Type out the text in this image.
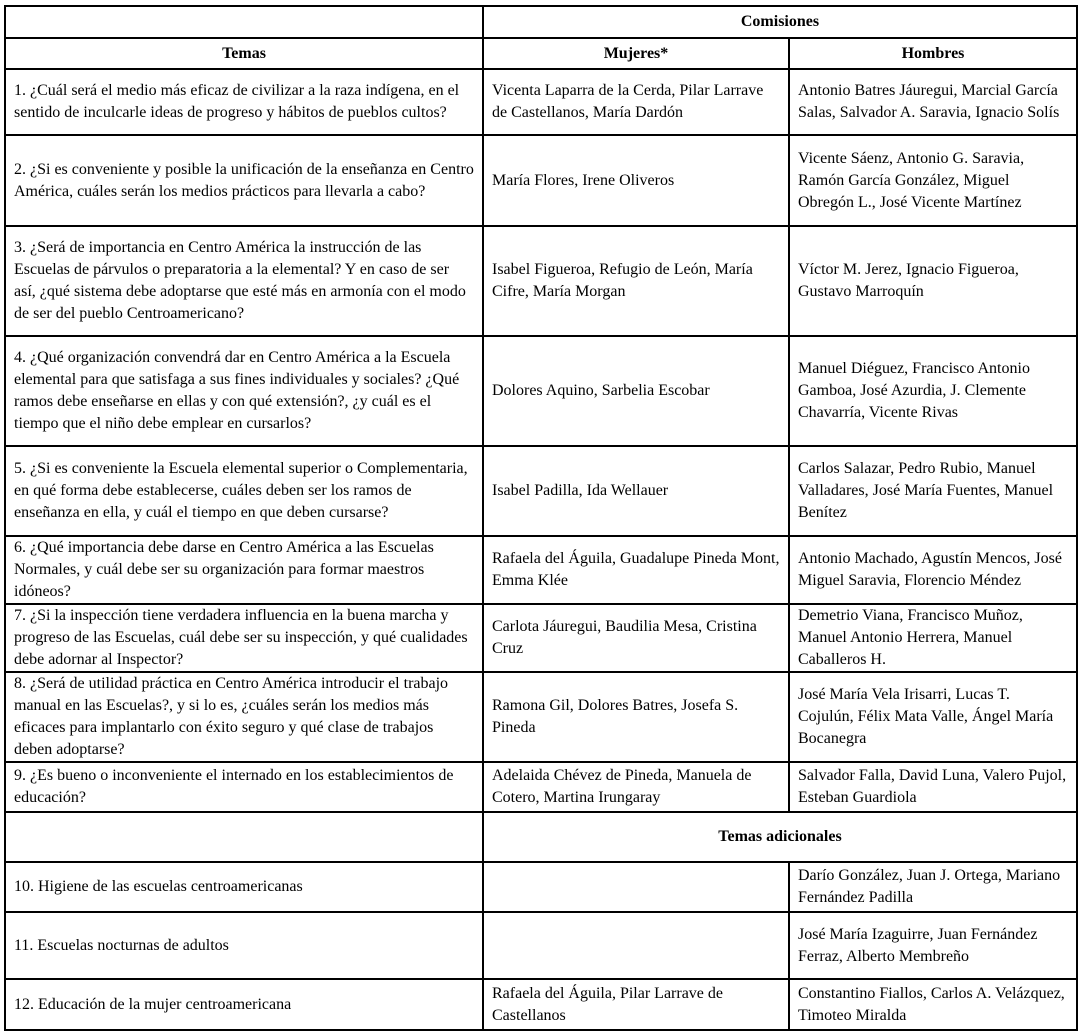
	Comisiones	
Temas	Mujeres*	Hombres
1. ¿Cuál será el medio más eficaz de civilizar a la raza indígena, en el sentido de inculcarle ideas de progreso y hábitos de pueblos cultos?	Vicenta Laparra de la Cerda, Pilar Larrave de Castellanos, María Dardón	Antonio Batres Jáuregui, Marcial García Salas, Salvador A. Saravia, Ignacio Solís
2. ¿Si es conveniente y posible la unificación de la enseñanza en Centro América, cuáles serán los medios prácticos para llevarla a cabo?	María Flores, Irene Oliveros	Vicente Sáenz, Antonio G. Saravia, Ramón García González, Miguel Obregón L., José Vicente Martínez
3. ¿Será de importancia en Centro América la instrucción de las Escuelas de párvulos o preparatoria a la elemental? Y en caso de ser así, ¿qué sistema debe adoptarse que esté más en armonía con el modo de ser del pueblo Centroamericano?	Isabel Figueroa, Refugio de León, María Cifre, María Morgan	Víctor M. Jerez, Ignacio Figueroa, Gustavo Marroquín
4. ¿Qué organización convendrá dar en Centro América a la Escuela elemental para que satisfaga a sus fines individuales y sociales? ¿Qué ramos debe enseñarse en ellas y con qué extensión?, ¿y cuál es el tiempo que el niño debe emplear en cursarlos?	Dolores Aquino, Sarbelia Escobar	Manuel Diéguez, Francisco Antonio Gamboa, José Azurdia, J. Clemente Chavarría, Vicente Rivas
5. ¿Si es conveniente la Escuela elemental superior o Complementaria, en qué forma debe establecerse, cuáles deben ser los ramos de enseñanza en ella, y cuál el tiempo en que deben cursarse?	Isabel Padilla, Ida Wellauer	Carlos Salazar, Pedro Rubio, Manuel Valladares, José María Fuentes, Manuel Benítez
6. ¿Qué importancia debe darse en Centro América a las Escuelas Normales, y cuál debe ser su organización para formar maestros idóneos?	Rafaela del Águila, Guadalupe Pineda Mont, Emma Klée	Antonio Machado, Agustín Mencos, José Miguel Saravia, Florencio Méndez
7. ¿Si la inspección tiene verdadera influencia en la buena marcha y progreso de las Escuelas, cuál debe ser su inspección, y qué cualidades debe adornar al Inspector?	Carlota Jáuregui, Baudilia Mesa, Cristina Cruz	Demetrio Viana, Francisco Muñoz, Manuel Antonio Herrera, Manuel Caballeros H.
8. ¿Será de utilidad práctica en Centro América introducir el trabajo manual en las Escuelas?, y si lo es, ¿cuáles serán los medios más eficaces para implantarlo con éxito seguro y qué clase de trabajos deben adoptarse?	Ramona Gil, Dolores Batres, Josefa S. Pineda	José María Vela Irisarri, Lucas T. Cojulún, Félix Mata Valle, Ángel María Bocanegra
9. ¿Es bueno o inconveniente el internado en los establecimientos de educación?	Adelaida Chévez de Pineda, Manuela de Cotero, Martina Irungaray	Salvador Falla, David Luna, Valero Pujol, Esteban Guardiola
	Temas adicionales	
10. Higiene de las escuelas centroamericanas		Darío González, Juan J. Ortega, Mariano Fernández Padilla
11. Escuelas nocturnas de adultos		José María Izaguirre, Juan Fernández Ferraz, Alberto Membreño
12. Educación de la mujer centroamericana	Rafaela del Águila, Pilar Larrave de Castellanos	Constantino Fiallos, Carlos A. Velázquez, Timoteo Miralda
